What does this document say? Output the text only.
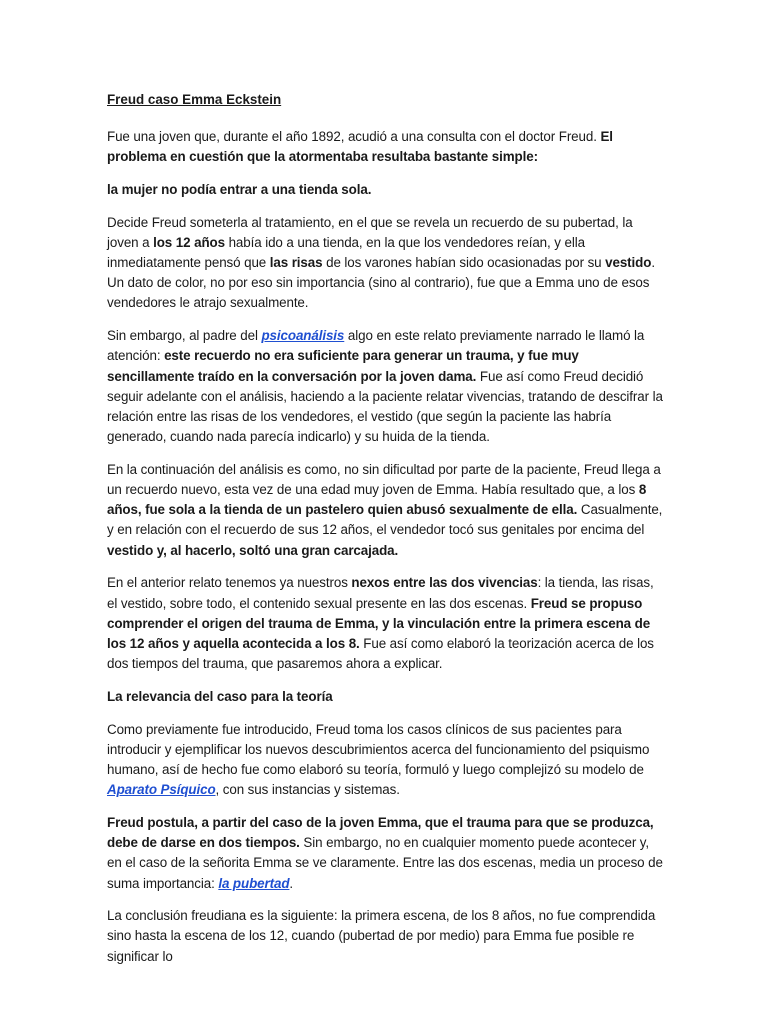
Freud caso Emma Eckstein

Fue una joven que, durante el año 1892, acudió a una consulta con el doctor Freud. El problema en cuestión que la atormentaba resultaba bastante simple:

la mujer no podía entrar a una tienda sola.

Decide Freud someterla al tratamiento, en el que se revela un recuerdo de su pubertad, la joven a los 12 años había ido a una tienda, en la que los vendedores reían, y ella inmediatamente pensó que las risas de los varones habían sido ocasionadas por su vestido. Un dato de color, no por eso sin importancia (sino al contrario), fue que a Emma uno de esos vendedores le atrajo sexualmente.

Sin embargo, al padre del psicoanálisis algo en este relato previamente narrado le llamó la atención: este recuerdo no era suficiente para generar un trauma, y fue muy sencillamente traído en la conversación por la joven dama. Fue así como Freud decidió seguir adelante con el análisis, haciendo a la paciente relatar vivencias, tratando de descifrar la relación entre las risas de los vendedores, el vestido (que según la paciente las habría generado, cuando nada parecía indicarlo) y su huida de la tienda.

En la continuación del análisis es como, no sin dificultad por parte de la paciente, Freud llega a un recuerdo nuevo, esta vez de una edad muy joven de Emma. Había resultado que, a los 8 años, fue sola a la tienda de un pastelero quien abusó sexualmente de ella. Casualmente, y en relación con el recuerdo de sus 12 años, el vendedor tocó sus genitales por encima del vestido y, al hacerlo, soltó una gran carcajada.

En el anterior relato tenemos ya nuestros nexos entre las dos vivencias: la tienda, las risas, el vestido, sobre todo, el contenido sexual presente en las dos escenas. Freud se propuso comprender el origen del trauma de Emma, y la vinculación entre la primera escena de los 12 años y aquella acontecida a los 8. Fue así como elaboró la teorización acerca de los dos tiempos del trauma, que pasaremos ahora a explicar.

La relevancia del caso para la teoría

Como previamente fue introducido, Freud toma los casos clínicos de sus pacientes para introducir y ejemplificar los nuevos descubrimientos acerca del funcionamiento del psiquismo humano, así de hecho fue como elaboró su teoría, formuló y luego complejizó su modelo de Aparato Psíquico, con sus instancias y sistemas.

Freud postula, a partir del caso de la joven Emma, que el trauma para que se produzca, debe de darse en dos tiempos. Sin embargo, no en cualquier momento puede acontecer y, en el caso de la señorita Emma se ve claramente. Entre las dos escenas, media un proceso de suma importancia: la pubertad.

La conclusión freudiana es la siguiente: la primera escena, de los 8 años, no fue comprendida sino hasta la escena de los 12, cuando (pubertad de por medio) para Emma fue posible re significar lo
